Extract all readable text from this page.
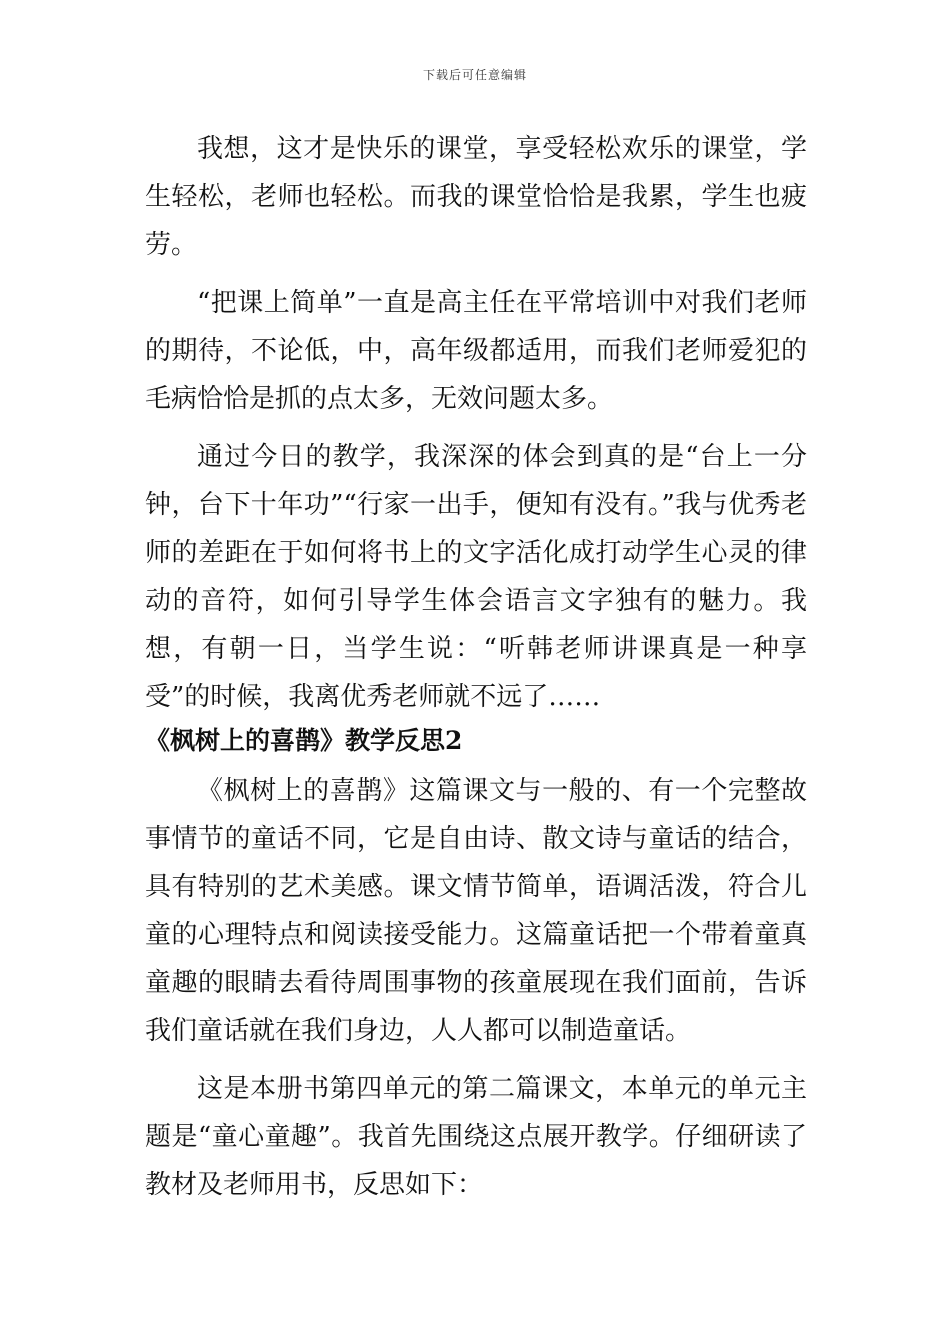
下载后可任意编辑

我想，这才是快乐的课堂，享受轻松欢乐的课堂，学生轻松，老师也轻松。而我的课堂恰恰是我累，学生也疲劳。

“把课上简单”一直是高主任在平常培训中对我们老师的期待，不论低，中，高年级都适用，而我们老师爱犯的毛病恰恰是抓的点太多，无效问题太多。

通过今日的教学，我深深的体会到真的是“台上一分钟，台下十年功”“行家一出手，便知有没有。”我与优秀老师的差距在于如何将书上的文字活化成打动学生心灵的律动的音符，如何引导学生体会语言文字独有的魅力。我想，有朝一日，当学生说：“听韩老师讲课真是一种享受”的时候，我离优秀老师就不远了……

《枫树上的喜鹊》教学反思2

《枫树上的喜鹊》这篇课文与一般的、有一个完整故事情节的童话不同，它是自由诗、散文诗与童话的结合，具有特别的艺术美感。课文情节简单，语调活泼，符合儿童的心理特点和阅读接受能力。这篇童话把一个带着童真童趣的眼睛去看待周围事物的孩童展现在我们面前，告诉我们童话就在我们身边，人人都可以制造童话。

这是本册书第四单元的第二篇课文，本单元的单元主题是“童心童趣”。我首先围绕这点展开教学。仔细研读了教材及老师用书，反思如下：
